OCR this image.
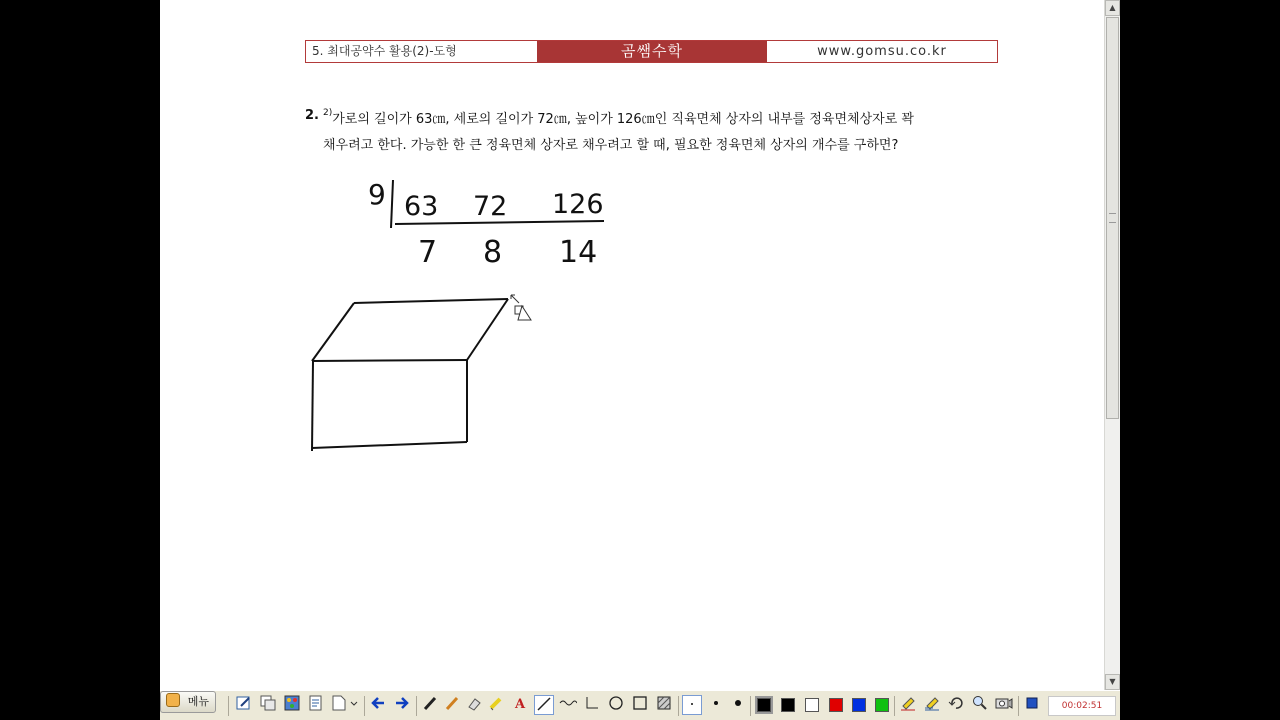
5. 최대공약수 활용(2)-도형	곰쌤수학	www.gomsu.co.kr
2. $^{2)}$가로의 길이가 63㎝, 세로의 길이가 72㎝, 높이가 126㎝인 직육면체 상자의 내부를 정육면체상자로 꽉
채우려고 한다. 가능한 한 큰 정육면체 상자로 채우려고 할 때, 필요한 정육면체 상자의 개수를 구하면?
9 63 72 126
7 8 14
▲
▼
메뉴	A	00:02:51
